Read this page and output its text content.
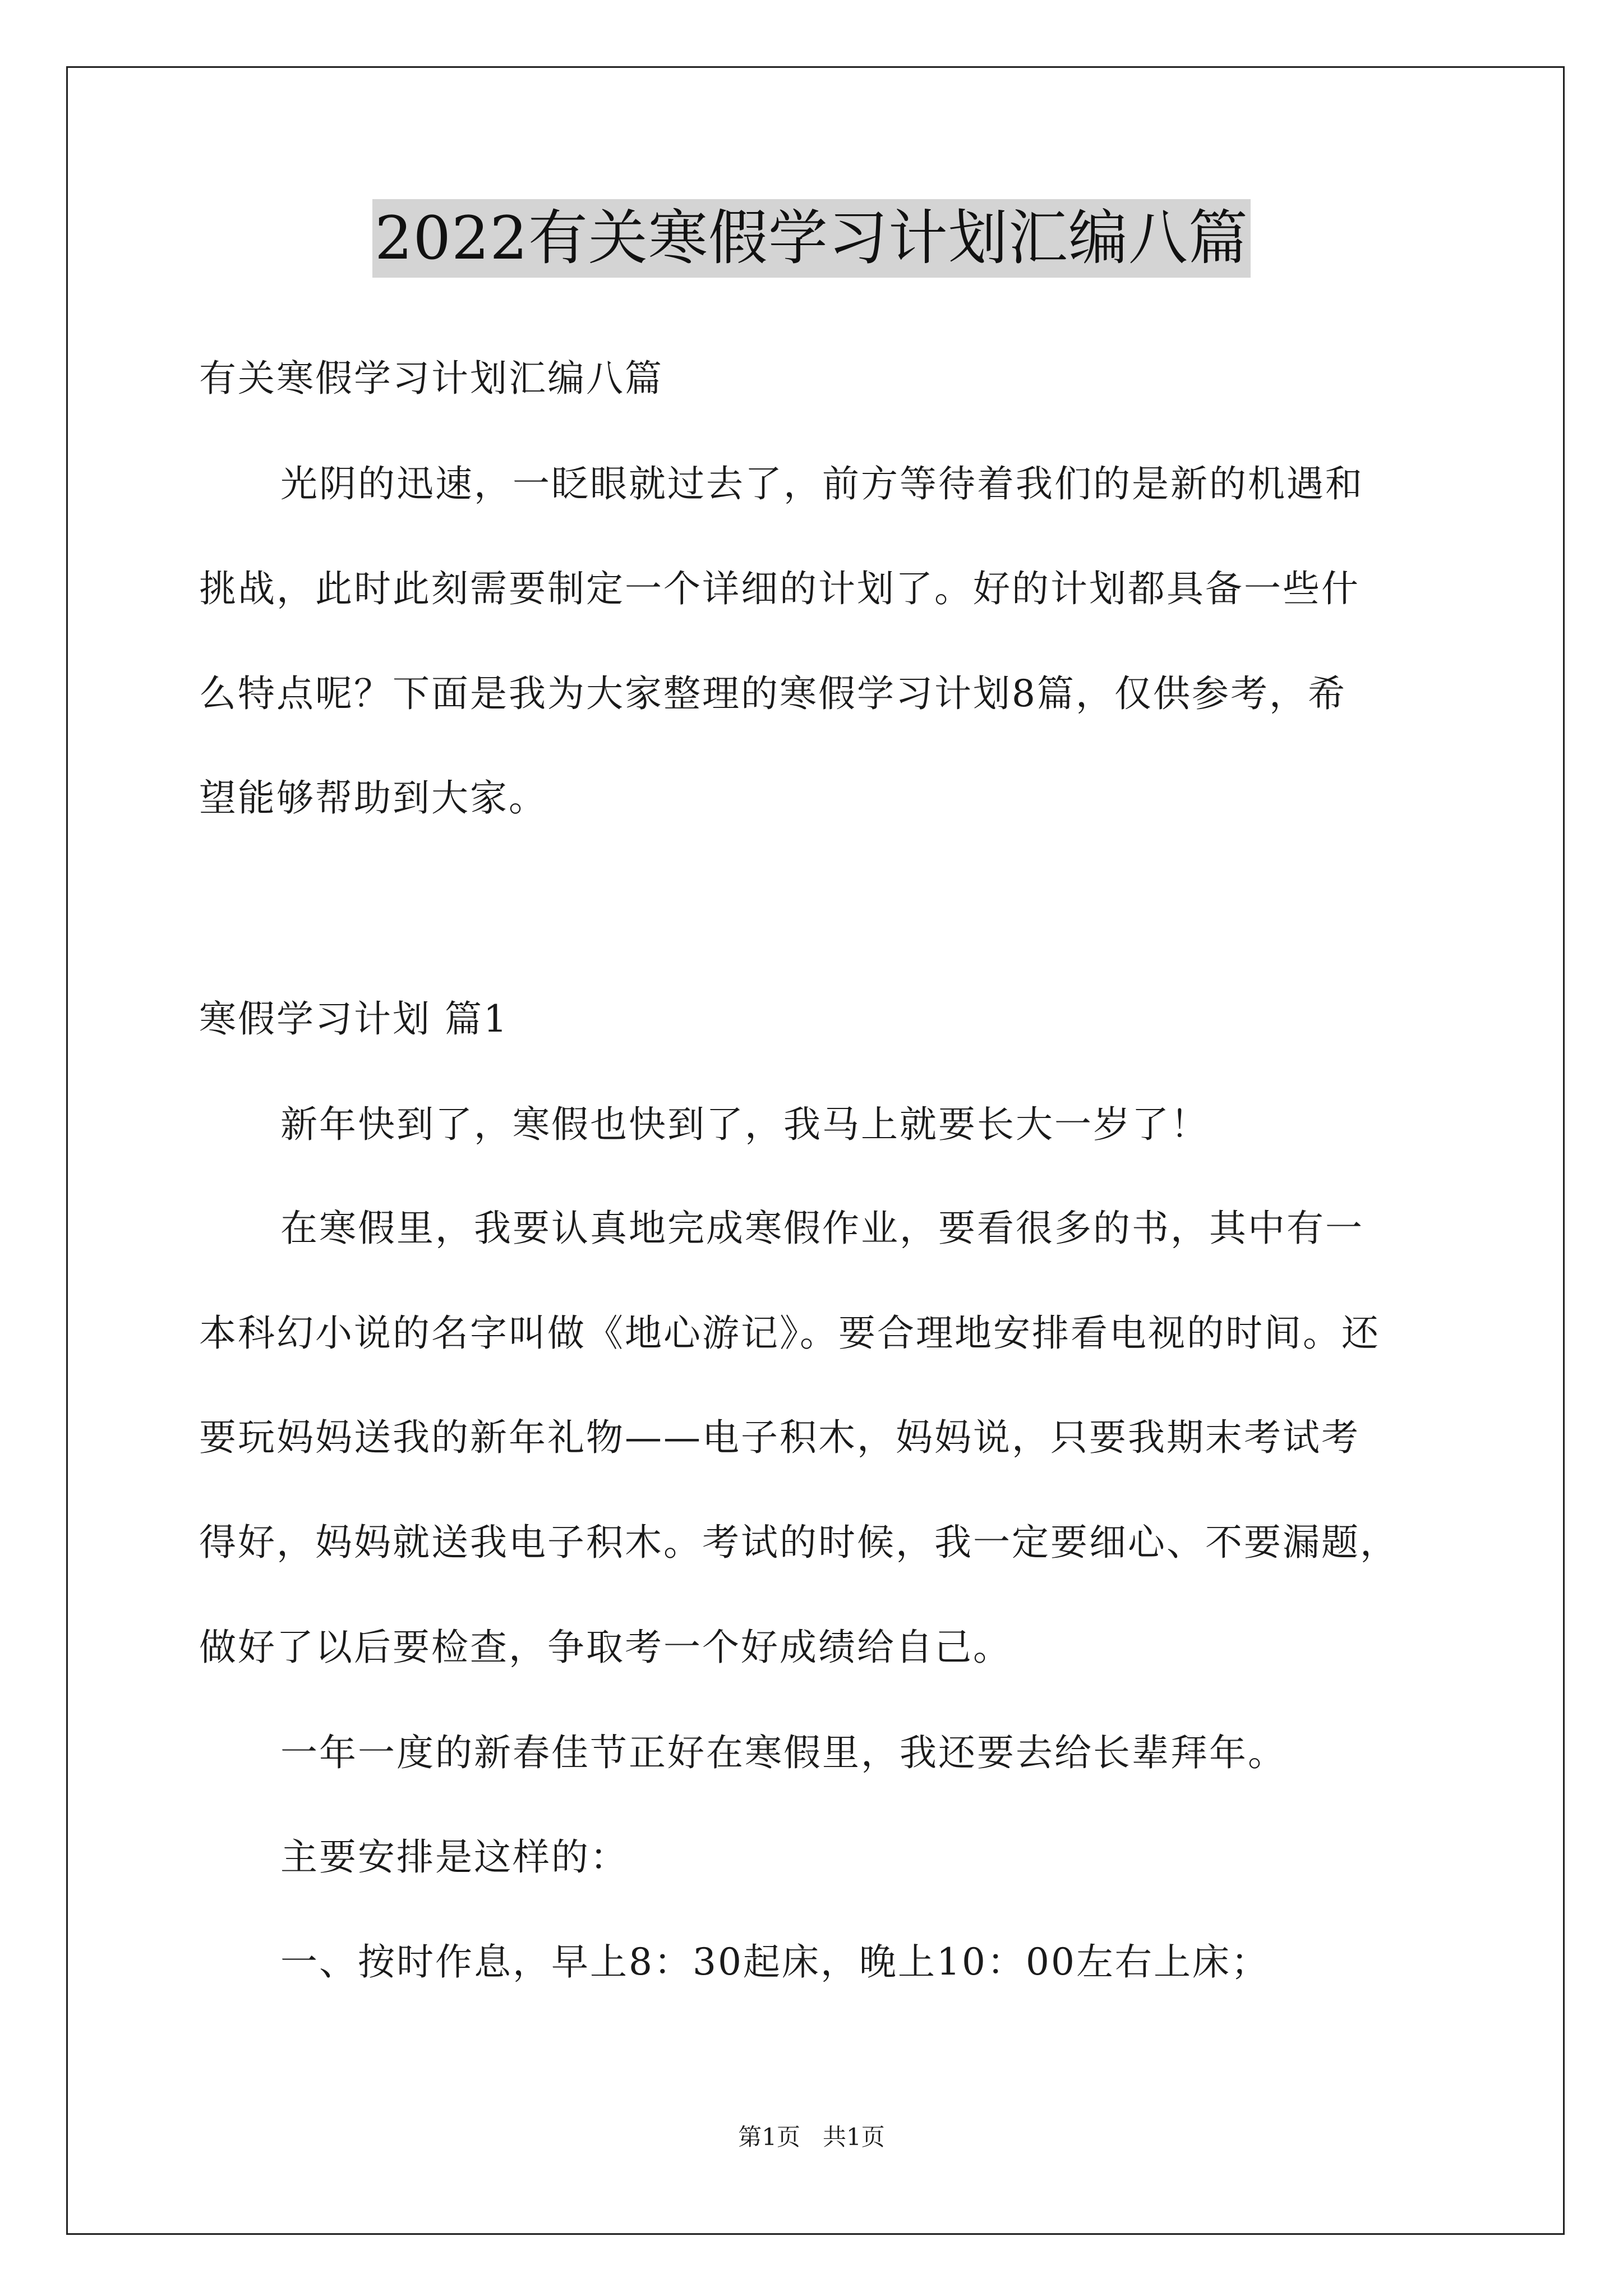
2022有关寒假学习计划汇编八篇
有关寒假学习计划汇编八篇
光阴的迅速，一眨眼就过去了，前方等待着我们的是新的机遇和
挑战，此时此刻需要制定一个详细的计划了。好的计划都具备一些什
么特点呢？下面是我为大家整理的寒假学习计划8篇，仅供参考，希
望能够帮助到大家。
寒假学习计划 篇1
新年快到了，寒假也快到了，我马上就要长大一岁了！
在寒假里，我要认真地完成寒假作业，要看很多的书，其中有一
本科幻小说的名字叫做《地心游记》。要合理地安排看电视的时间。还
要玩妈妈送我的新年礼物——电子积木，妈妈说，只要我期末考试考
得好，妈妈就送我电子积木。考试的时候，我一定要细心、不要漏题，
做好了以后要检查，争取考一个好成绩给自己。
一年一度的新春佳节正好在寒假里，我还要去给长辈拜年。
主要安排是这样的：
一、按时作息，早上8：30起床，晚上10：00左右上床；
第1页   共1页
